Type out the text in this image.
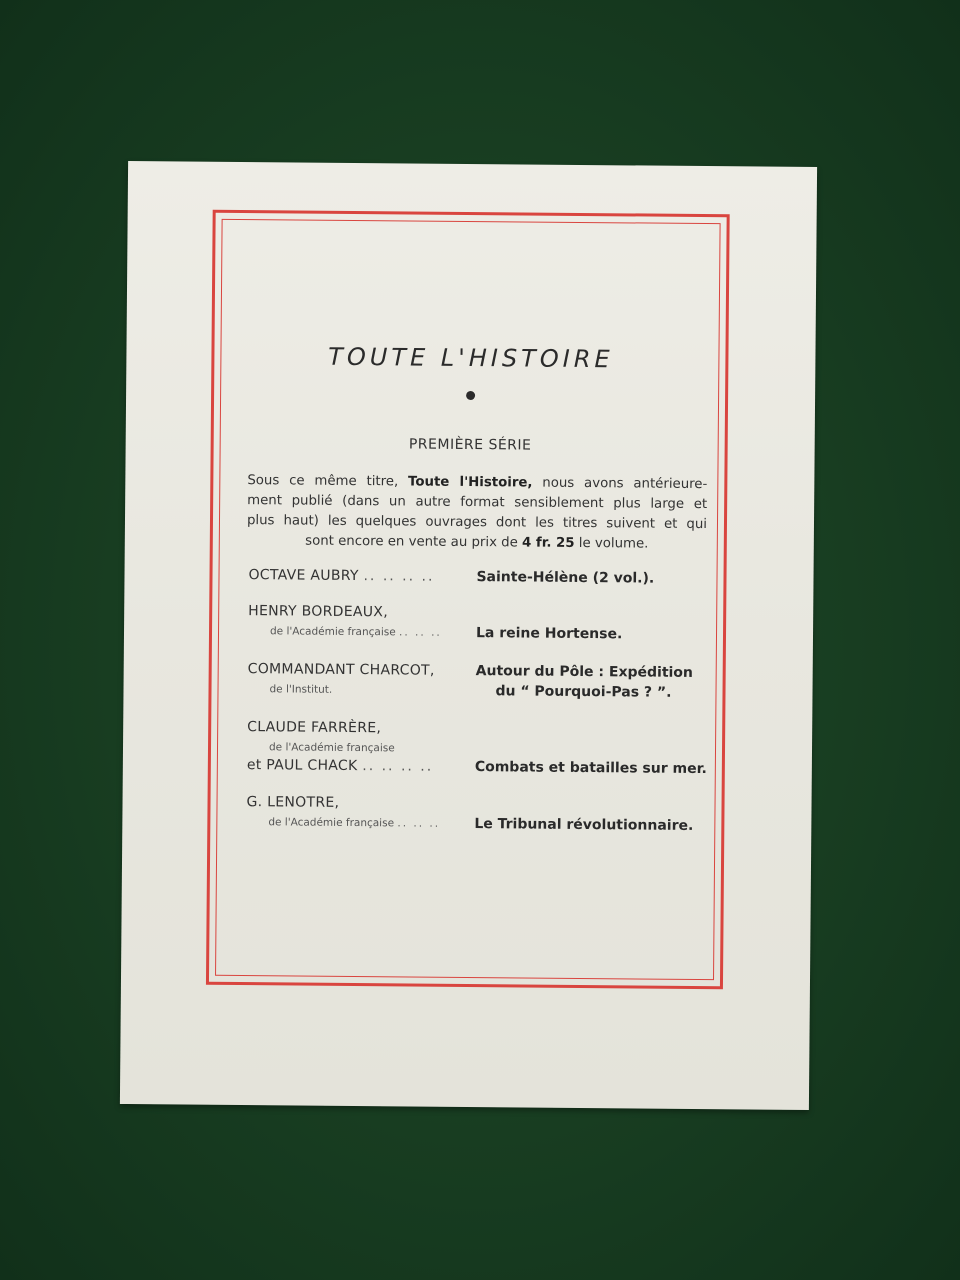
TOUTE L'HISTOIRE
PREMIÈRE SÉRIE
Sous ce même titre, Toute l'Histoire, nous avons antérieure-
ment publié (dans un autre format sensiblement plus large et
plus haut) les quelques ouvrages dont les titres suivent et qui
sont encore en vente au prix de 4 fr. 25 le volume.
OCTAVE AUBRY .. .. .. ..	Sainte-Hélène (2 vol.).
HENRY BORDEAUX,
de l'Académie française .. .. .. La reine Hortense.
COMMANDANT CHARCOT,
de l'Institut.
Autour du Pôle : Expédition
du “ Pourquoi-Pas ? ”.
CLAUDE FARRÈRE,
de l'Académie française
et PAUL CHACK .. .. .. ..	Combats et batailles sur mer.
G. LENOTRE,
de l'Académie française .. .. .. Le Tribunal révolutionnaire.
